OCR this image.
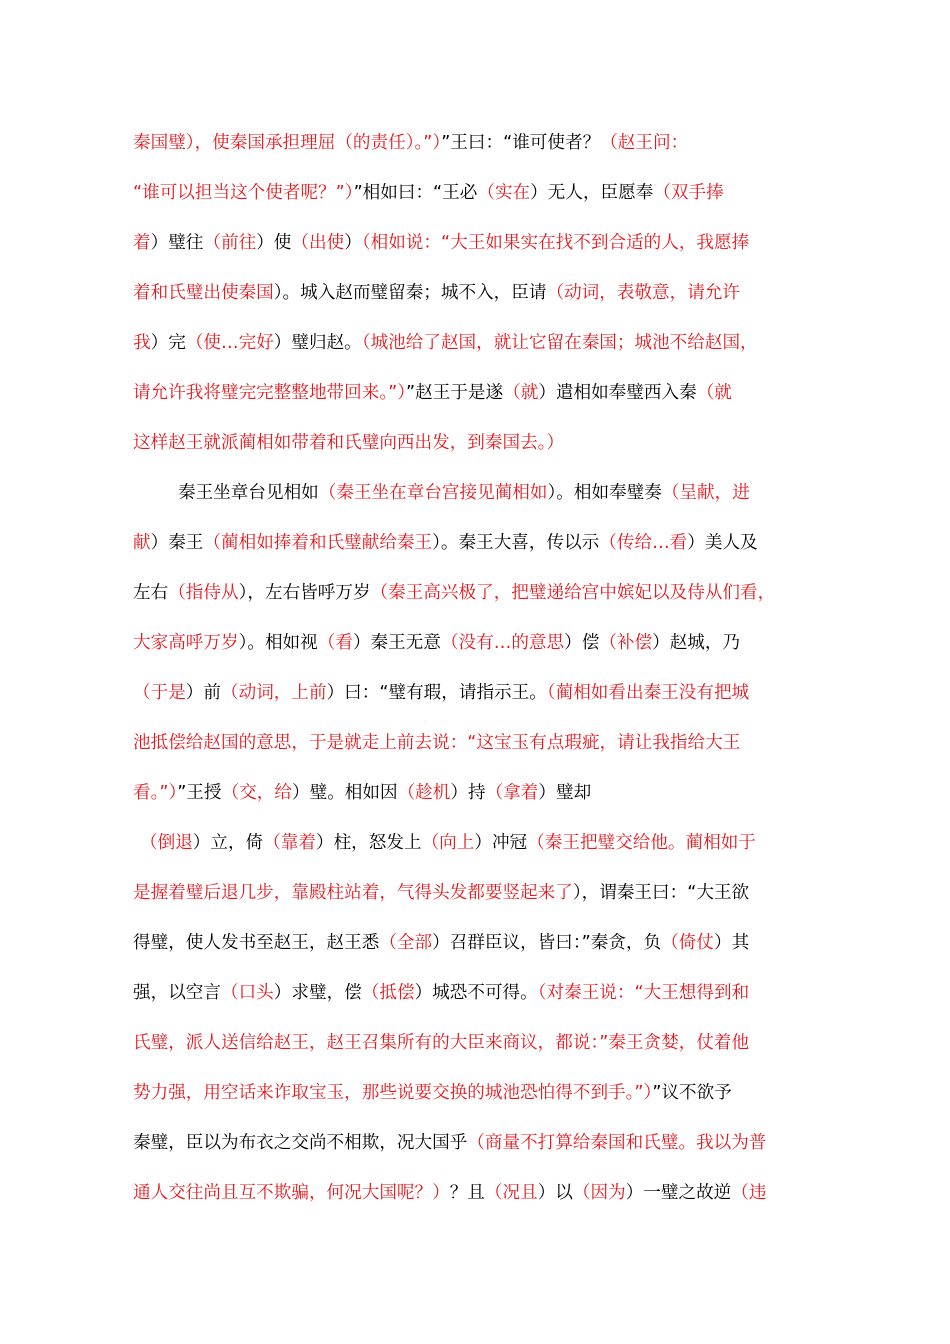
秦国璧），使秦国承担理屈（的责任）。”）”王曰：“谁可使者？（赵王问：
“谁可以担当这个使者呢？”）”相如曰：“王必（实在）无人，臣愿奉（双手捧
着）璧往（前往）使（出使）（相如说：“大王如果实在找不到合适的人，我愿捧
着和氏璧出使秦国）。城入赵而璧留秦；城不入，臣请（动词，表敬意，请允许
我）完（使…完好）璧归赵。（城池给了赵国，就让它留在秦国；城池不给赵国，
请允许我将璧完完整整地带回来。”）”赵王于是遂（就）遣相如奉璧西入秦（就
这样赵王就派蔺相如带着和氏璧向西出发，到秦国去。）
秦王坐章台见相如（秦王坐在章台宫接见蔺相如）。相如奉璧奏（呈献，进
献）秦王（蔺相如捧着和氏璧献给秦王）。秦王大喜，传以示（传给…看）美人及
左右（指侍从），左右皆呼万岁（秦王高兴极了，把璧递给宫中嫔妃以及侍从们看，
大家高呼万岁）。相如视（看）秦王无意（没有…的意思）偿（补偿）赵城，乃
（于是）前（动词，上前）曰：“璧有瑕，请指示王。（蔺相如看出秦王没有把城
池抵偿给赵国的意思，于是就走上前去说：“这宝玉有点瑕疵，请让我指给大王
看。”）”王授（交，给）璧。相如因（趁机）持（拿着）璧却
（倒退）立，倚（靠着）柱，怒发上（向上）冲冠（秦王把璧交给他。蔺相如于
是握着璧后退几步，靠殿柱站着，气得头发都要竖起来了），谓秦王曰：“大王欲
得璧，使人发书至赵王，赵王悉（全部）召群臣议，皆曰：”秦贪，负（倚仗）其
强，以空言（口头）求璧，偿（抵偿）城恐不可得。（对秦王说：“大王想得到和
氏璧，派人送信给赵王，赵王召集所有的大臣来商议，都说：”秦王贪婪，仗着他
势力强，用空话来诈取宝玉，那些说要交换的城池恐怕得不到手。”）”议不欲予
秦璧，臣以为布衣之交尚不相欺，况大国乎（商量不打算给秦国和氏璧。我以为普
通人交往尚且互不欺骗，何况大国呢？）？且（况且）以（因为）一璧之故逆（违
